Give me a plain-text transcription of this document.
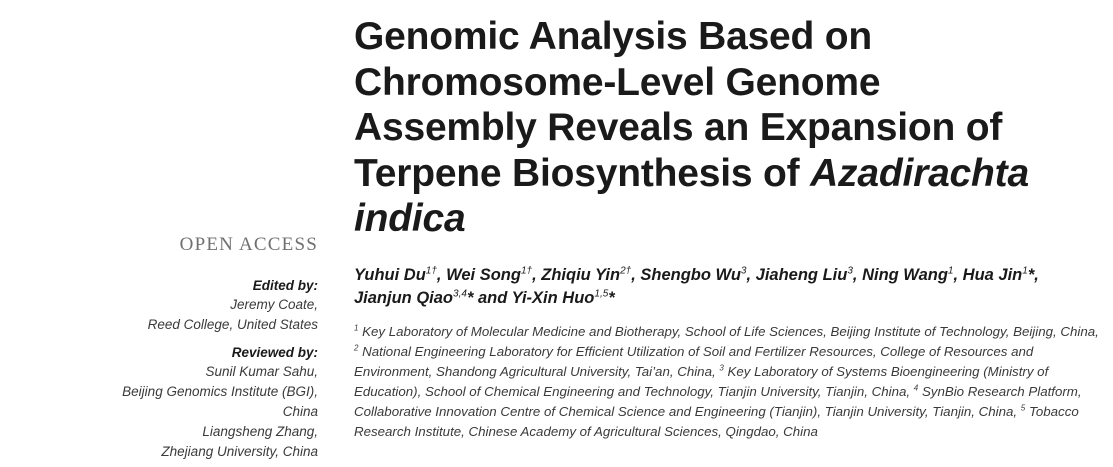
OPEN ACCESS
Edited by:
Jeremy Coate,
Reed College, United States
Reviewed by:
Sunil Kumar Sahu,
Beijing Genomics Institute (BGI),
China
Liangsheng Zhang,
Zhejiang University, China
Genomic Analysis Based on
Chromosome-Level Genome
Assembly Reveals an Expansion of
Terpene Biosynthesis of Azadirachta
indica
Yuhui $Du^{1\dagger}$, Wei Song$^{1\dagger}$, Zhiqiu Yin$^{2\dagger}$, Shengbo Wu$^3$, Jiaheng Liu$^3$, Ning Wang$^1$, Hua Jin$^1$*, Jianjun Qiao$^{3,4}$* and Yi-Xin Huo$^{1,5}$*
$^1$ Key Laboratory of Molecular Medicine and Biotherapy, School of Life Sciences, Beijing Institute of Technology, Beijing, China, $^2$ National Engineering Laboratory for Efficient Utilization of Soil and Fertilizer Resources, College of Resources and Environment, Shandong Agricultural University, Tai’an, China, $^3$ Key Laboratory of Systems Bioengineering (Ministry of Education), School of Chemical Engineering and Technology, Tianjin University, Tianjin, China, $^4$ SynBio Research Platform, Collaborative Innovation Centre of Chemical Science and Engineering (Tianjin), Tianjin University, Tianjin, China, $^5$ Tobacco Research Institute, Chinese Academy of Agricultural Sciences, Qingdao, China
